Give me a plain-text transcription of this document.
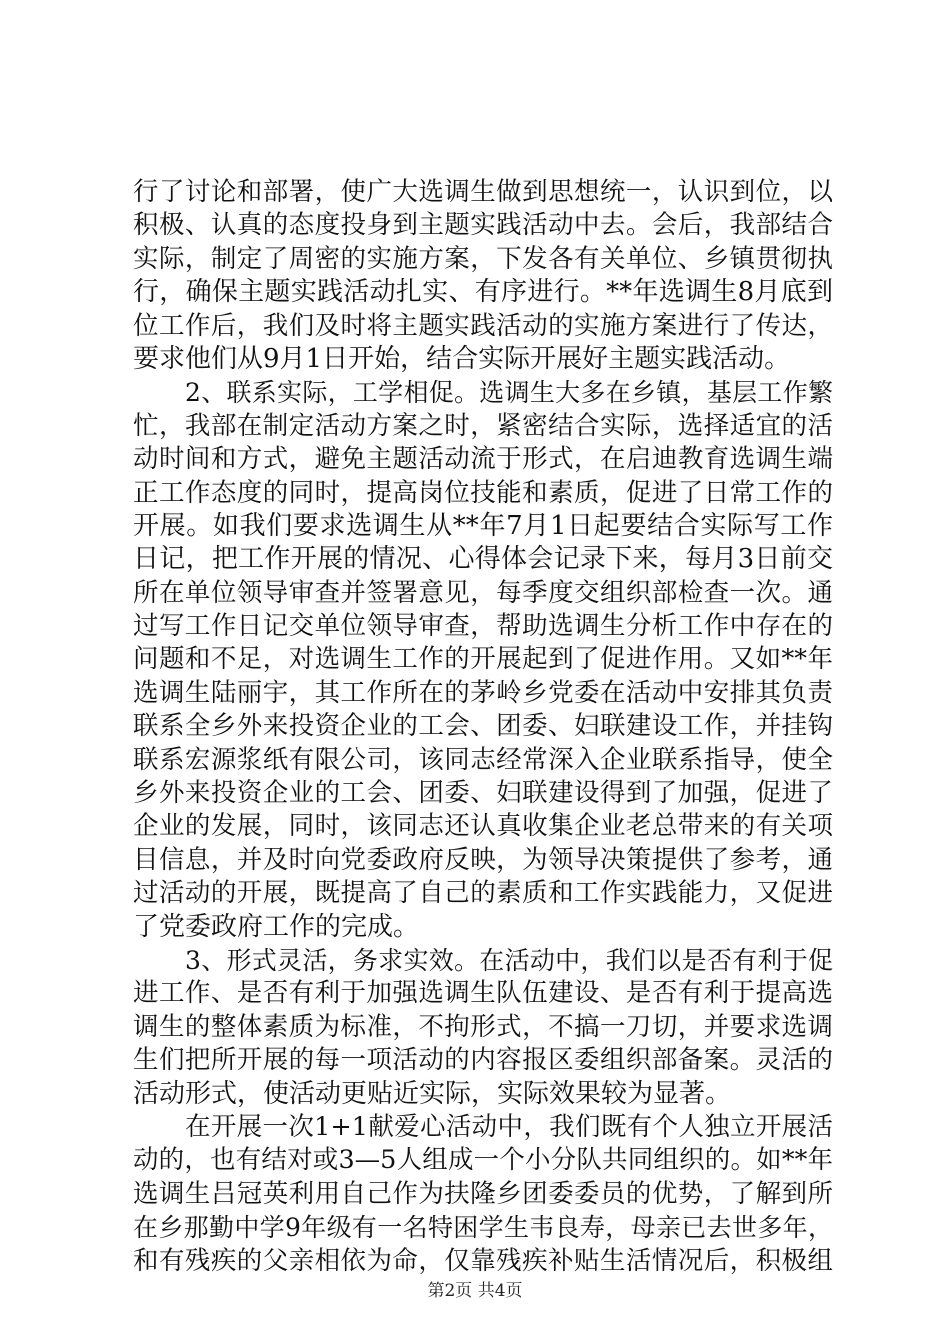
行了讨论和部署，使广大选调生做到思想统一，认识到位，以
积极、认真的态度投身到主题实践活动中去。会后，我部结合
实际，制定了周密的实施方案，下发各有关单位、乡镇贯彻执
行，确保主题实践活动扎实、有序进行。**年选调生8月底到
位工作后，我们及时将主题实践活动的实施方案进行了传达，
要求他们从9月1日开始，结合实际开展好主题实践活动。
2、联系实际，工学相促。选调生大多在乡镇，基层工作繁
忙，我部在制定活动方案之时，紧密结合实际，选择适宜的活
动时间和方式，避免主题活动流于形式，在启迪教育选调生端
正工作态度的同时，提高岗位技能和素质，促进了日常工作的
开展。如我们要求选调生从**年7月1日起要结合实际写工作
日记，把工作开展的情况、心得体会记录下来，每月3日前交
所在单位领导审查并签署意见，每季度交组织部检查一次。通
过写工作日记交单位领导审查，帮助选调生分析工作中存在的
问题和不足，对选调生工作的开展起到了促进作用。又如**年
选调生陆丽宇，其工作所在的茅岭乡党委在活动中安排其负责
联系全乡外来投资企业的工会、团委、妇联建设工作，并挂钩
联系宏源浆纸有限公司，该同志经常深入企业联系指导，使全
乡外来投资企业的工会、团委、妇联建设得到了加强，促进了
企业的发展，同时，该同志还认真收集企业老总带来的有关项
目信息，并及时向党委政府反映，为领导决策提供了参考，通
过活动的开展，既提高了自己的素质和工作实践能力，又促进
了党委政府工作的完成。
3、形式灵活，务求实效。在活动中，我们以是否有利于促
进工作、是否有利于加强选调生队伍建设、是否有利于提高选
调生的整体素质为标准，不拘形式，不搞一刀切，并要求选调
生们把所开展的每一项活动的内容报区委组织部备案。灵活的
活动形式，使活动更贴近实际，实际效果较为显著。
在开展一次1+1献爱心活动中，我们既有个人独立开展活
动的，也有结对或3—5人组成一个小分队共同组织的。如**年
选调生吕冠英利用自己作为扶隆乡团委委员的优势，了解到所
在乡那勤中学9年级有一名特困学生韦良寿，母亲已去世多年，
和有残疾的父亲相依为命，仅靠残疾补贴生活情况后，积极组
第2页 共4页
